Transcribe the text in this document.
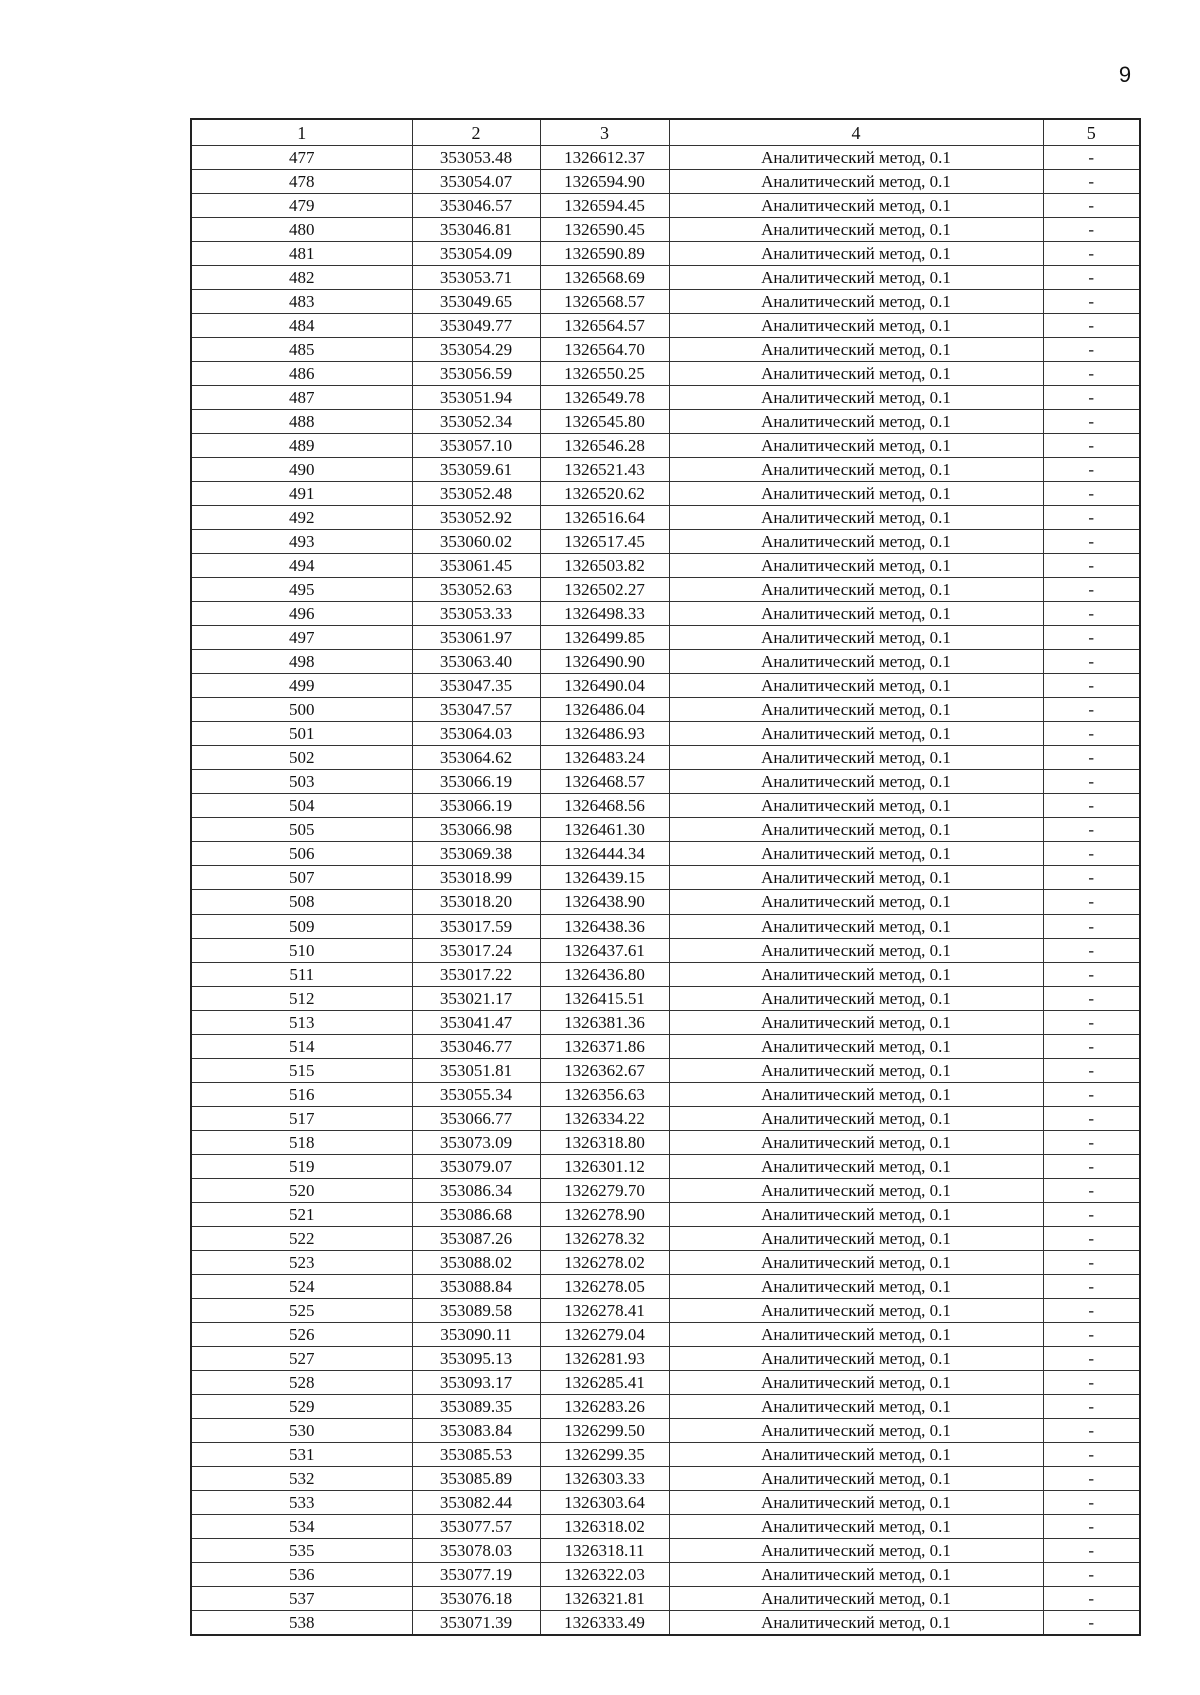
9
1	2	3	4	5
477	353053.48	1326612.37	Аналитический метод, 0.1	-
478	353054.07	1326594.90	Аналитический метод, 0.1	-
479	353046.57	1326594.45	Аналитический метод, 0.1	-
480	353046.81	1326590.45	Аналитический метод, 0.1	-
481	353054.09	1326590.89	Аналитический метод, 0.1	-
482	353053.71	1326568.69	Аналитический метод, 0.1	-
483	353049.65	1326568.57	Аналитический метод, 0.1	-
484	353049.77	1326564.57	Аналитический метод, 0.1	-
485	353054.29	1326564.70	Аналитический метод, 0.1	-
486	353056.59	1326550.25	Аналитический метод, 0.1	-
487	353051.94	1326549.78	Аналитический метод, 0.1	-
488	353052.34	1326545.80	Аналитический метод, 0.1	-
489	353057.10	1326546.28	Аналитический метод, 0.1	-
490	353059.61	1326521.43	Аналитический метод, 0.1	-
491	353052.48	1326520.62	Аналитический метод, 0.1	-
492	353052.92	1326516.64	Аналитический метод, 0.1	-
493	353060.02	1326517.45	Аналитический метод, 0.1	-
494	353061.45	1326503.82	Аналитический метод, 0.1	-
495	353052.63	1326502.27	Аналитический метод, 0.1	-
496	353053.33	1326498.33	Аналитический метод, 0.1	-
497	353061.97	1326499.85	Аналитический метод, 0.1	-
498	353063.40	1326490.90	Аналитический метод, 0.1	-
499	353047.35	1326490.04	Аналитический метод, 0.1	-
500	353047.57	1326486.04	Аналитический метод, 0.1	-
501	353064.03	1326486.93	Аналитический метод, 0.1	-
502	353064.62	1326483.24	Аналитический метод, 0.1	-
503	353066.19	1326468.57	Аналитический метод, 0.1	-
504	353066.19	1326468.56	Аналитический метод, 0.1	-
505	353066.98	1326461.30	Аналитический метод, 0.1	-
506	353069.38	1326444.34	Аналитический метод, 0.1	-
507	353018.99	1326439.15	Аналитический метод, 0.1	-
508	353018.20	1326438.90	Аналитический метод, 0.1	-
509	353017.59	1326438.36	Аналитический метод, 0.1	-
510	353017.24	1326437.61	Аналитический метод, 0.1	-
511	353017.22	1326436.80	Аналитический метод, 0.1	-
512	353021.17	1326415.51	Аналитический метод, 0.1	-
513	353041.47	1326381.36	Аналитический метод, 0.1	-
514	353046.77	1326371.86	Аналитический метод, 0.1	-
515	353051.81	1326362.67	Аналитический метод, 0.1	-
516	353055.34	1326356.63	Аналитический метод, 0.1	-
517	353066.77	1326334.22	Аналитический метод, 0.1	-
518	353073.09	1326318.80	Аналитический метод, 0.1	-
519	353079.07	1326301.12	Аналитический метод, 0.1	-
520	353086.34	1326279.70	Аналитический метод, 0.1	-
521	353086.68	1326278.90	Аналитический метод, 0.1	-
522	353087.26	1326278.32	Аналитический метод, 0.1	-
523	353088.02	1326278.02	Аналитический метод, 0.1	-
524	353088.84	1326278.05	Аналитический метод, 0.1	-
525	353089.58	1326278.41	Аналитический метод, 0.1	-
526	353090.11	1326279.04	Аналитический метод, 0.1	-
527	353095.13	1326281.93	Аналитический метод, 0.1	-
528	353093.17	1326285.41	Аналитический метод, 0.1	-
529	353089.35	1326283.26	Аналитический метод, 0.1	-
530	353083.84	1326299.50	Аналитический метод, 0.1	-
531	353085.53	1326299.35	Аналитический метод, 0.1	-
532	353085.89	1326303.33	Аналитический метод, 0.1	-
533	353082.44	1326303.64	Аналитический метод, 0.1	-
534	353077.57	1326318.02	Аналитический метод, 0.1	-
535	353078.03	1326318.11	Аналитический метод, 0.1	-
536	353077.19	1326322.03	Аналитический метод, 0.1	-
537	353076.18	1326321.81	Аналитический метод, 0.1	-
538	353071.39	1326333.49	Аналитический метод, 0.1	-
